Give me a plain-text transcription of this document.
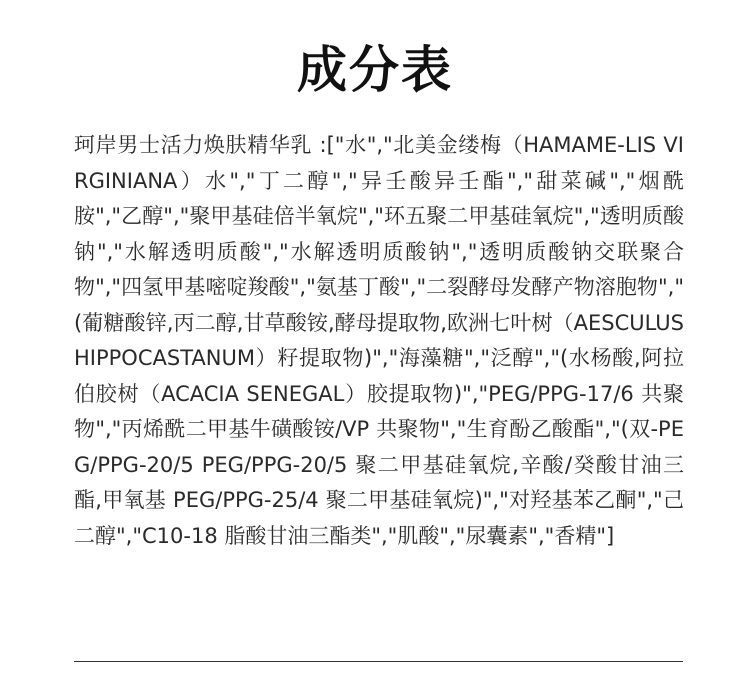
成分表

珂岸男士活力焕肤精华乳 :["水","北美金缕梅（HAMAME-LIS VIRGINIANA）水","丁二醇","异壬酸异壬酯","甜菜碱","烟酰胺","乙醇","聚甲基硅倍半氧烷","环五聚二甲基硅氧烷","透明质酸钠","水解透明质酸","水解透明质酸钠","透明质酸钠交联聚合物","四氢甲基嘧啶羧酸","氨基丁酸","二裂酵母发酵产物溶胞物","(葡糖酸锌,丙二醇,甘草酸铵,酵母提取物,欧洲七叶树（AESCULUS HIPPOCASTANUM）籽提取物)","海藻糖","泛醇","(水杨酸,阿拉伯胶树（ACACIA SENEGAL）胶提取物)","PEG/PPG-17/6 共聚物","丙烯酰二甲基牛磺酸铵/VP 共聚物","生育酚乙酸酯","(双-PEG/PPG-20/5 PEG/PPG-20/5 聚二甲基硅氧烷,辛酸/癸酸甘油三酯,甲氧基 PEG/PPG-25/4 聚二甲基硅氧烷)","对羟基苯乙酮","己二醇","C10-18 脂酸甘油三酯类","肌酸","尿囊素","香精"]
